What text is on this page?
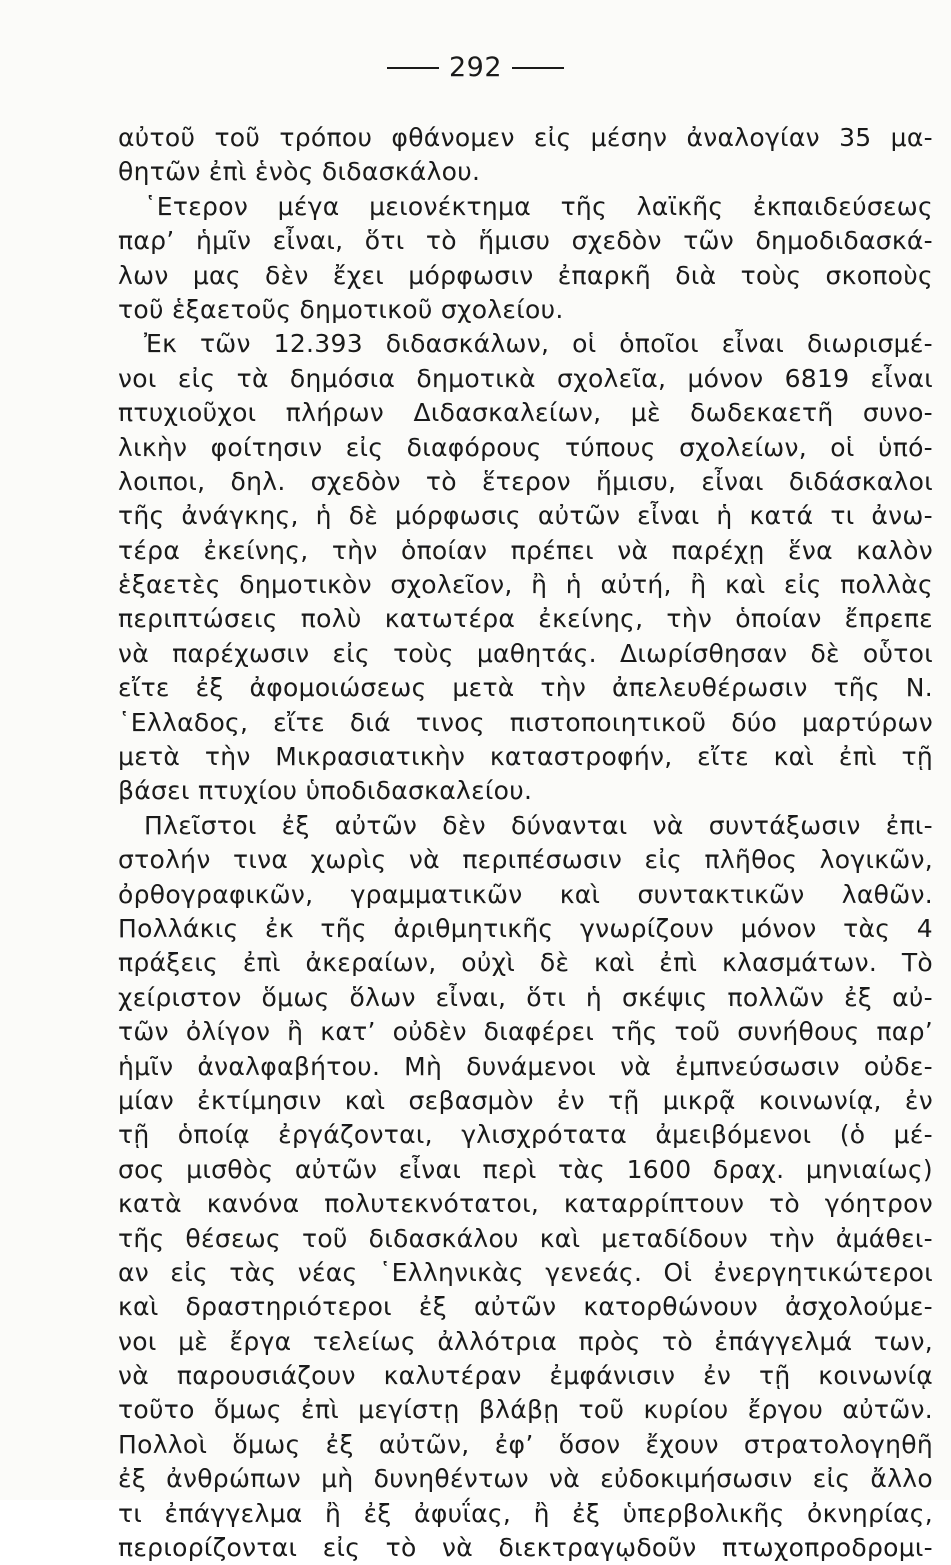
292
αὐτοῦ τοῦ τρόπου φθάνομεν εἰς μέσην ἀναλογίαν 35 μα-
θητῶν ἐπὶ ἑνὸς διδασκάλου.
῾Ετερον μέγα μειονέκτημα τῆς λαϊκῆς ἐκπαιδεύσεως
παρ’ ἡμῖν εἶναι, ὅτι τὸ ἥμισυ σχεδὸν τῶν δημοδιδασκά-
λων μας δὲν ἔχει μόρφωσιν ἐπαρκῆ διὰ τοὺς σκοποὺς
τοῦ ἑξαετοῦς δημοτικοῦ σχολείου.
Ἐκ τῶν 12.393 διδασκάλων, οἱ ὁποῖοι εἶναι διωρισμέ-
νοι εἰς τὰ δημόσια δημοτικὰ σχολεῖα, μόνον 6819 εἶναι
πτυχιοῦχοι πλήρων Διδασκαλείων, μὲ δωδεκαετῆ συνο-
λικὴν φοίτησιν εἰς διαφόρους τύπους σχολείων, οἱ ὑπό-
λοιποι, δηλ. σχεδὸν τὸ ἕτερον ἥμισυ, εἶναι διδάσκαλοι
τῆς ἀνάγκης, ἡ δὲ μόρφωσις αὐτῶν εἶναι ἡ κατά τι ἀνω-
τέρα ἐκείνης, τὴν ὁποίαν πρέπει νὰ παρέχῃ ἕνα καλὸν
ἑξαετὲς δημοτικὸν σχολεῖον, ἢ ἡ αὐτή, ἢ καὶ εἰς πολλὰς
περιπτώσεις πολὺ κατωτέρα ἐκείνης, τὴν ὁποίαν ἔπρεπε
νὰ παρέχωσιν εἰς τοὺς μαθητάς. Διωρίσθησαν δὲ οὗτοι
εἴτε ἐξ ἀφομοιώσεως μετὰ τὴν ἀπελευθέρωσιν τῆς Ν.
῾Ελλαδος, εἴτε διά τινος πιστοποιητικοῦ δύο μαρτύρων
μετὰ τὴν Μικρασιατικὴν καταστροφήν, εἴτε καὶ ἐπὶ τῇ
βάσει πτυχίου ὑποδιδασκαλείου.
Πλεῖστοι ἐξ αὐτῶν δὲν δύνανται νὰ συντάξωσιν ἐπι-
στολήν τινα χωρὶς νὰ περιπέσωσιν εἰς πλῆθος λογικῶν,
ὀρθογραφικῶν, γραμματικῶν καὶ συντακτικῶν λαθῶν.
Πολλάκις ἐκ τῆς ἀριθμητικῆς γνωρίζουν μόνον τὰς 4
πράξεις ἐπὶ ἀκεραίων, οὐχὶ δὲ καὶ ἐπὶ κλασμάτων. Τὸ
χείριστον ὅμως ὅλων εἶναι, ὅτι ἡ σκέψις πολλῶν ἐξ αὐ-
τῶν ὀλίγον ἢ κατ’ οὐδὲν διαφέρει τῆς τοῦ συνήθους παρ’
ἡμῖν ἀναλφαβήτου. Μὴ δυνάμενοι νὰ ἐμπνεύσωσιν οὐδε-
μίαν ἐκτίμησιν καὶ σεβασμὸν ἐν τῇ μικρᾷ κοινωνίᾳ, ἐν
τῇ ὁποίᾳ ἐργάζονται, γλισχρότατα ἀμειβόμενοι (ὁ μέ-
σος μισθὸς αὐτῶν εἶναι περὶ τὰς 1600 δραχ. μηνιαίως)
κατὰ κανόνα πολυτεκνότατοι, καταρρίπτουν τὸ γόητρον
τῆς θέσεως τοῦ διδασκάλου καὶ μεταδίδουν τὴν ἀμάθει-
αν εἰς τὰς νέας ῾Ελληνικὰς γενεάς. Οἱ ἐνεργητικώτεροι
καὶ δραστηριότεροι ἐξ αὐτῶν κατορθώνουν ἀσχολούμε-
νοι μὲ ἔργα τελείως ἀλλότρια πρὸς τὸ ἐπάγγελμά των,
νὰ παρουσιάζουν καλυτέραν ἐμφάνισιν ἐν τῇ κοινωνίᾳ
τοῦτο ὅμως ἐπὶ μεγίστῃ βλάβῃ τοῦ κυρίου ἔργου αὐτῶν.
Πολλοὶ ὅμως ἐξ αὐτῶν, ἐφ’ ὅσον ἔχουν στρατολογηθῆ
ἐξ ἀνθρώπων μὴ δυνηθέντων νὰ εὐδοκιμήσωσιν εἰς ἄλλο
τι ἐπάγγελμα ἢ ἐξ ἀφυΐας, ἢ ἐξ ὑπερβολικῆς ὀκνηρίας,
περιορίζονται εἰς τὸ νὰ διεκτραγῳδοῦν πτωχοπροδρομι-
